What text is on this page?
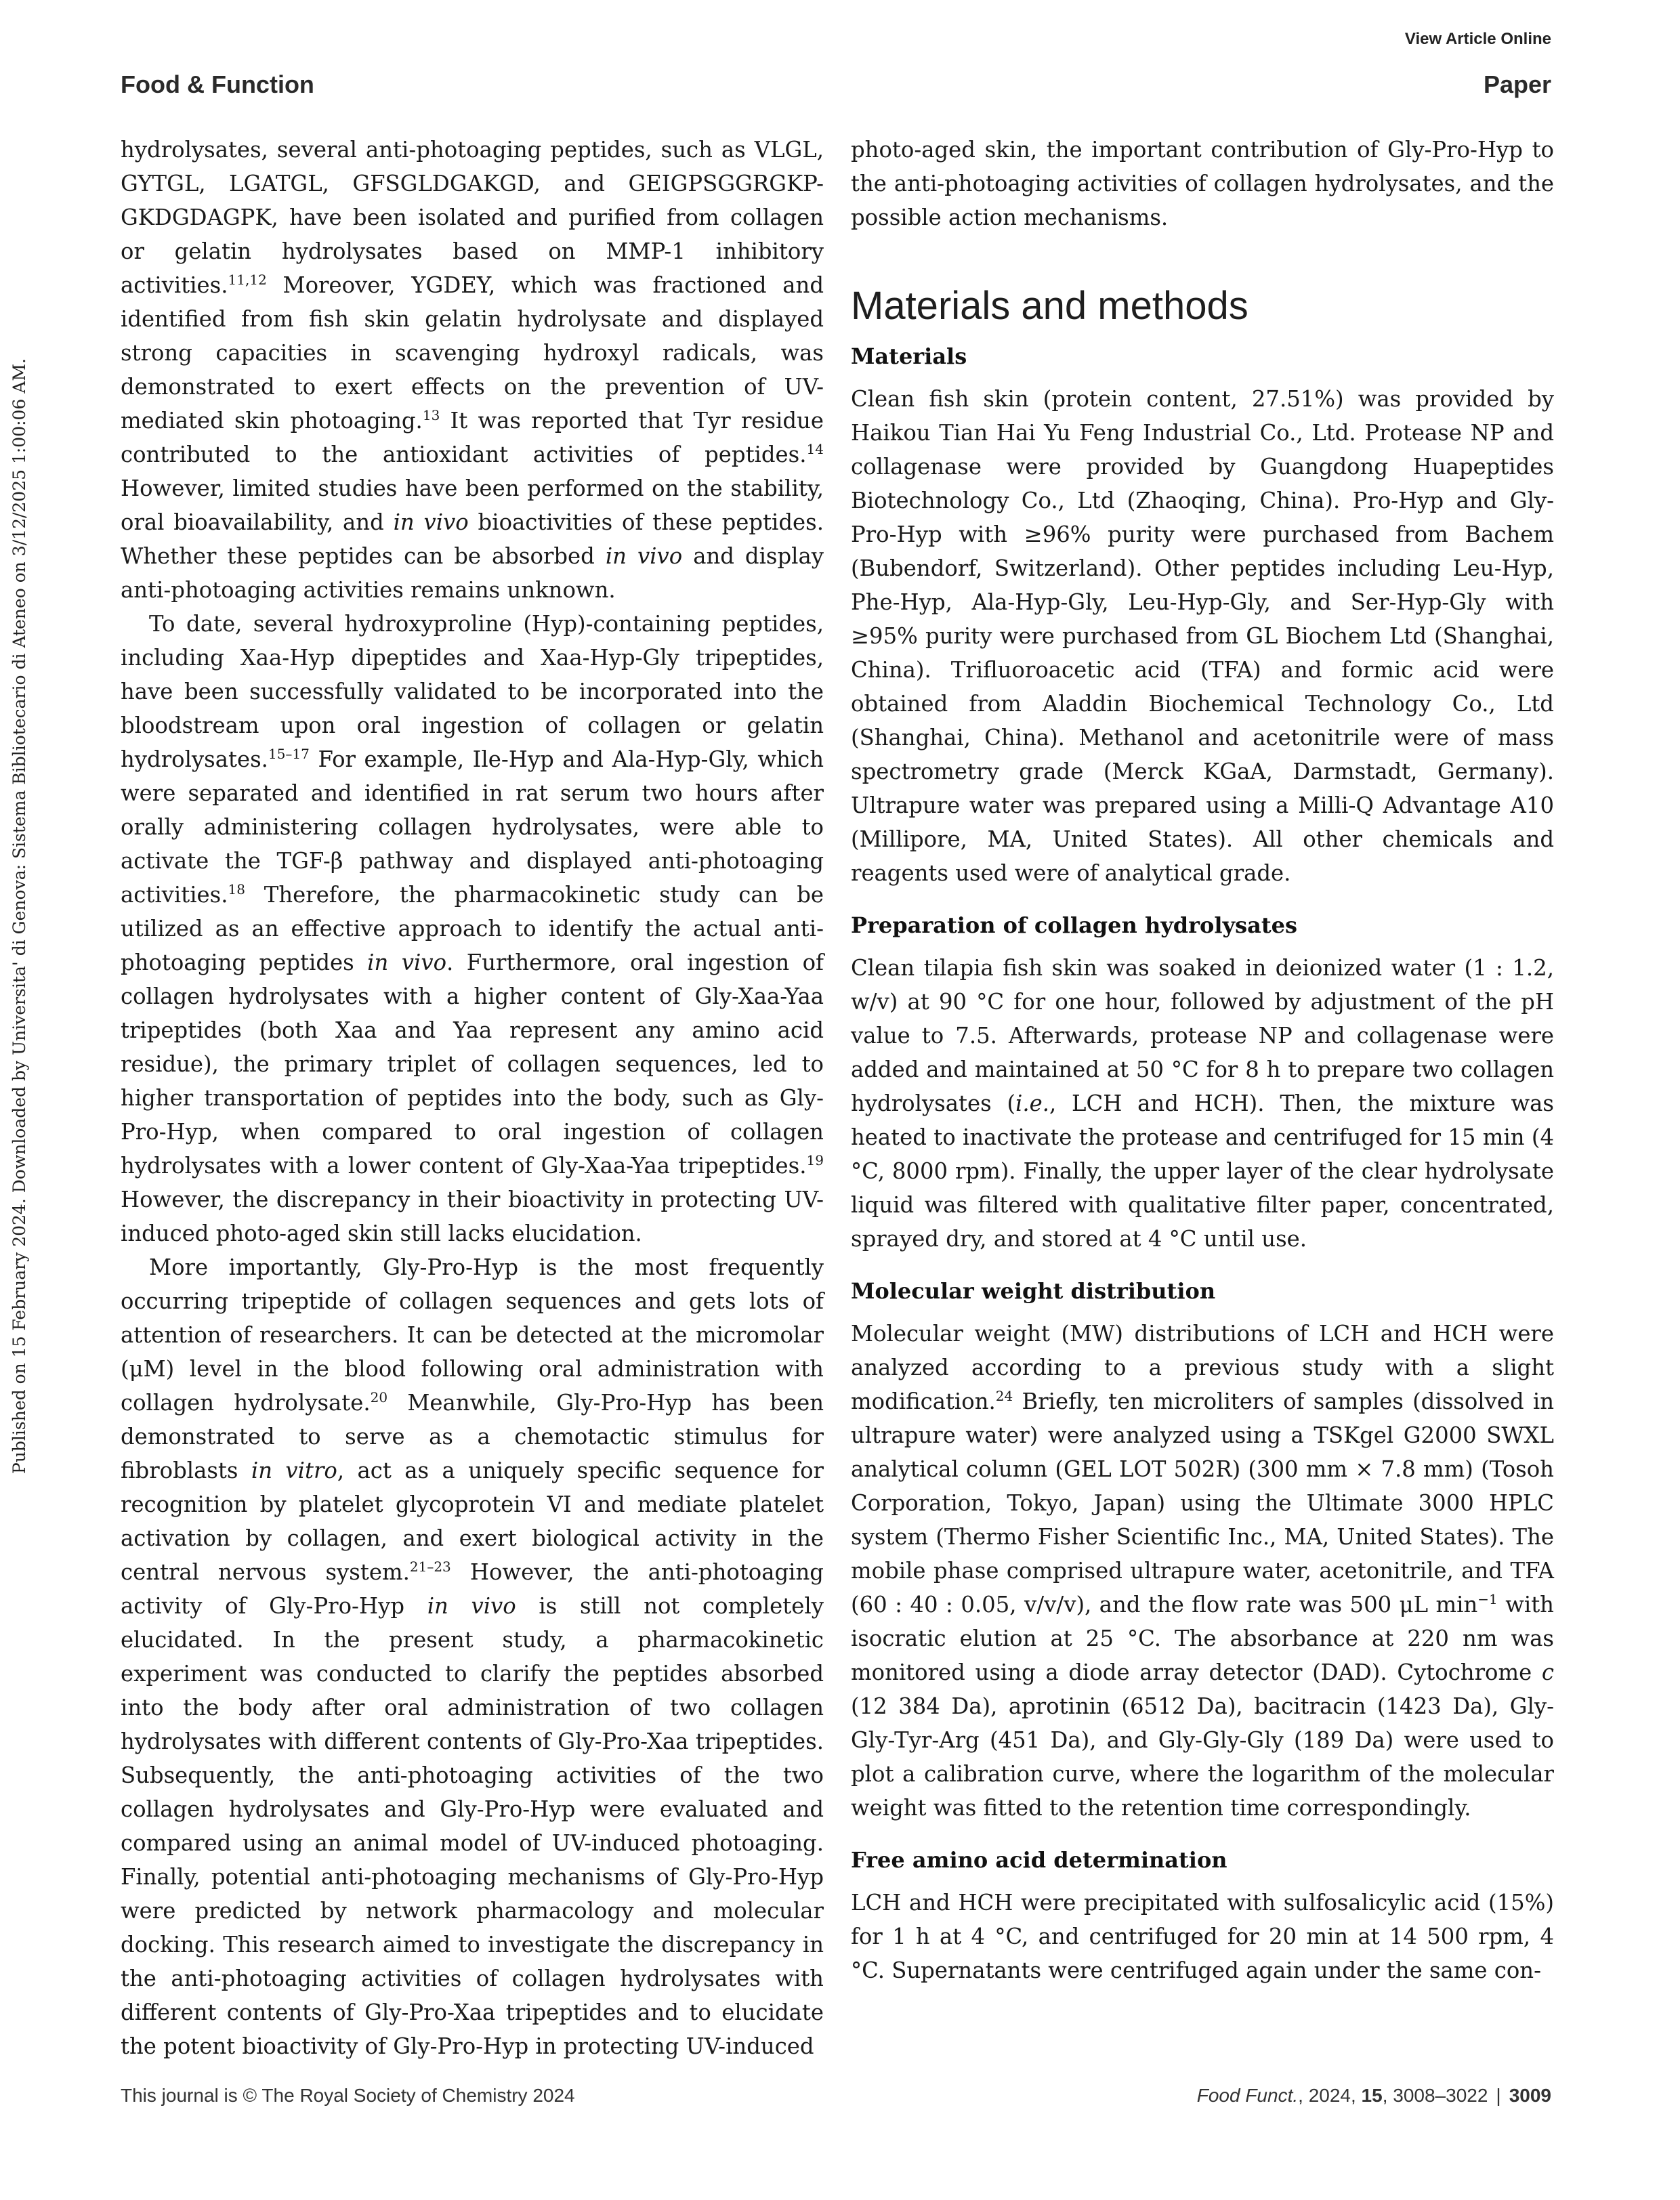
View Article Online
Food & Function	Paper
Published on 15 February 2024. Downloaded by Universita' di Genova: Sistema Bibliotecario di Ateneo on 3/12/2025 1:00:06 AM.

hydrolysates, several anti-photoaging peptides, such as VLGL, GYTGL, LGATGL, GFSGLDGAKGD, and GEIGPSGGRGKP-GKDGDAGPK, have been isolated and purified from collagen or gelatin hydrolysates based on MMP-1 inhibitory activities.$^{11,12}$ Moreover, YGDEY, which was fractioned and identified from fish skin gelatin hydrolysate and displayed strong capacities in scavenging hydroxyl radicals, was demonstrated to exert effects on the prevention of UV-mediated skin photoaging.$^{13}$ It was reported that Tyr residue contributed to the antioxidant activities of peptides.$^{14}$ However, limited studies have been performed on the stability, oral bioavailability, and in vivo bioactivities of these peptides. Whether these peptides can be absorbed in vivo and display anti-photoaging activities remains unknown.

To date, several hydroxyproline (Hyp)-containing peptides, including Xaa-Hyp dipeptides and Xaa-Hyp-Gly tripeptides, have been successfully validated to be incorporated into the bloodstream upon oral ingestion of collagen or gelatin hydrolysates.$^{15-17}$ For example, Ile-Hyp and Ala-Hyp-Gly, which were separated and identified in rat serum two hours after orally administering collagen hydrolysates, were able to activate the TGF-β pathway and displayed anti-photoaging activities.$^{18}$ Therefore, the pharmacokinetic study can be utilized as an effective approach to identify the actual anti-photoaging peptides in vivo. Furthermore, oral ingestion of collagen hydrolysates with a higher content of Gly-Xaa-Yaa tripeptides (both Xaa and Yaa represent any amino acid residue), the primary triplet of collagen sequences, led to higher transportation of peptides into the body, such as Gly-Pro-Hyp, when compared to oral ingestion of collagen hydrolysates with a lower content of Gly-Xaa-Yaa tripeptides.$^{19}$ However, the discrepancy in their bioactivity in protecting UV-induced photo-aged skin still lacks elucidation.

More importantly, Gly-Pro-Hyp is the most frequently occurring tripeptide of collagen sequences and gets lots of attention of researchers. It can be detected at the micromolar (μM) level in the blood following oral administration with collagen hydrolysate.$^{20}$ Meanwhile, Gly-Pro-Hyp has been demonstrated to serve as a chemotactic stimulus for fibroblasts in vitro, act as a uniquely specific sequence for recognition by platelet glycoprotein VI and mediate platelet activation by collagen, and exert biological activity in the central nervous system.$^{21-23}$ However, the anti-photoaging activity of Gly-Pro-Hyp in vivo is still not completely elucidated. In the present study, a pharmacokinetic experiment was conducted to clarify the peptides absorbed into the body after oral administration of two collagen hydrolysates with different contents of Gly-Pro-Xaa tripeptides. Subsequently, the anti-photoaging activities of the two collagen hydrolysates and Gly-Pro-Hyp were evaluated and compared using an animal model of UV-induced photoaging. Finally, potential anti-photoaging mechanisms of Gly-Pro-Hyp were predicted by network pharmacology and molecular docking. This research aimed to investigate the discrepancy in the anti-photoaging activities of collagen hydrolysates with different contents of Gly-Pro-Xaa tripeptides and to elucidate the potent bioactivity of Gly-Pro-Hyp in protecting UV-induced

photo-aged skin, the important contribution of Gly-Pro-Hyp to the anti-photoaging activities of collagen hydrolysates, and the possible action mechanisms.

Materials and methods
Materials

Clean fish skin (protein content, 27.51%) was provided by Haikou Tian Hai Yu Feng Industrial Co., Ltd. Protease NP and collagenase were provided by Guangdong Huapeptides Biotechnology Co., Ltd (Zhaoqing, China). Pro-Hyp and Gly-Pro-Hyp with ≥96% purity were purchased from Bachem (Bubendorf, Switzerland). Other peptides including Leu-Hyp, Phe-Hyp, Ala-Hyp-Gly, Leu-Hyp-Gly, and Ser-Hyp-Gly with ≥95% purity were purchased from GL Biochem Ltd (Shanghai, China). Trifluoroacetic acid (TFA) and formic acid were obtained from Aladdin Biochemical Technology Co., Ltd (Shanghai, China). Methanol and acetonitrile were of mass spectrometry grade (Merck KGaA, Darmstadt, Germany). Ultrapure water was prepared using a Milli-Q Advantage A10 (Millipore, MA, United States). All other chemicals and reagents used were of analytical grade.

Preparation of collagen hydrolysates

Clean tilapia fish skin was soaked in deionized water (1 : 1.2, w/v) at 90 °C for one hour, followed by adjustment of the pH value to 7.5. Afterwards, protease NP and collagenase were added and maintained at 50 °C for 8 h to prepare two collagen hydrolysates (i.e., LCH and HCH). Then, the mixture was heated to inactivate the protease and centrifuged for 15 min (4 °C, 8000 rpm). Finally, the upper layer of the clear hydrolysate liquid was filtered with qualitative filter paper, concentrated, sprayed dry, and stored at 4 °C until use.

Molecular weight distribution

Molecular weight (MW) distributions of LCH and HCH were analyzed according to a previous study with a slight modification.$^{24}$ Briefly, ten microliters of samples (dissolved in ultrapure water) were analyzed using a TSKgel G2000 SWXL analytical column (GEL LOT 502R) (300 mm × 7.8 mm) (Tosoh Corporation, Tokyo, Japan) using the Ultimate 3000 HPLC system (Thermo Fisher Scientific Inc., MA, United States). The mobile phase comprised ultrapure water, acetonitrile, and TFA (60 : 40 : 0.05, v/v/v), and the flow rate was 500 μL $\min^{-1}$ with isocratic elution at 25 °C. The absorbance at 220 nm was monitored using a diode array detector (DAD). Cytochrome c (12 384 Da), aprotinin (6512 Da), bacitracin (1423 Da), Gly-Gly-Tyr-Arg (451 Da), and Gly-Gly-Gly (189 Da) were used to plot a calibration curve, where the logarithm of the molecular weight was fitted to the retention time correspondingly.

Free amino acid determination

LCH and HCH were precipitated with sulfosalicylic acid (15%) for 1 h at 4 °C, and centrifuged for 20 min at 14 500 rpm, 4 °C. Supernatants were centrifuged again under the same con-

This journal is © The Royal Society of Chemistry 2024	Food Funct., 2024, 15, 3008–3022 | 3009
